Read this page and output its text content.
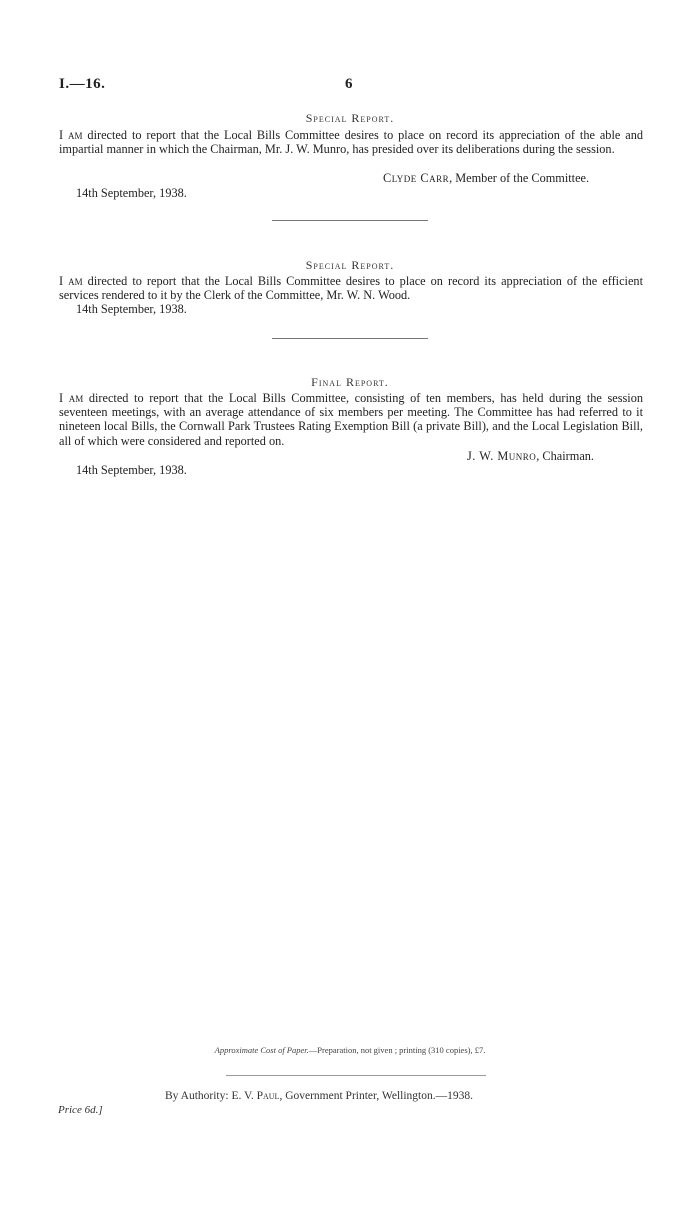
I.—16.	6
Special Report.
I am directed to report that the Local Bills Committee desires to place on record its appreciation of the able and impartial manner in which the Chairman, Mr. J. W. Munro, has presided over its deliberations during the session.
Clyde Carr, Member of the Committee.
14th September, 1938.
Special Report.
I am directed to report that the Local Bills Committee desires to place on record its appreciation of the efficient services rendered to it by the Clerk of the Committee, Mr. W. N. Wood.
14th September, 1938.
Final Report.
I am directed to report that the Local Bills Committee, consisting of ten members, has held during the session seventeen meetings, with an average attendance of six members per meeting. The Committee has had referred to it nineteen local Bills, the Cornwall Park Trustees Rating Exemption Bill (a private Bill), and the Local Legislation Bill, all of which were considered and reported on.
J. W. Munro, Chairman.
14th September, 1938.
Approximate Cost of Paper.—Preparation, not given ; printing (310 copies), £7.
By Authority: E. V. Paul, Government Printer, Wellington.—1938.
Price 6d.]
